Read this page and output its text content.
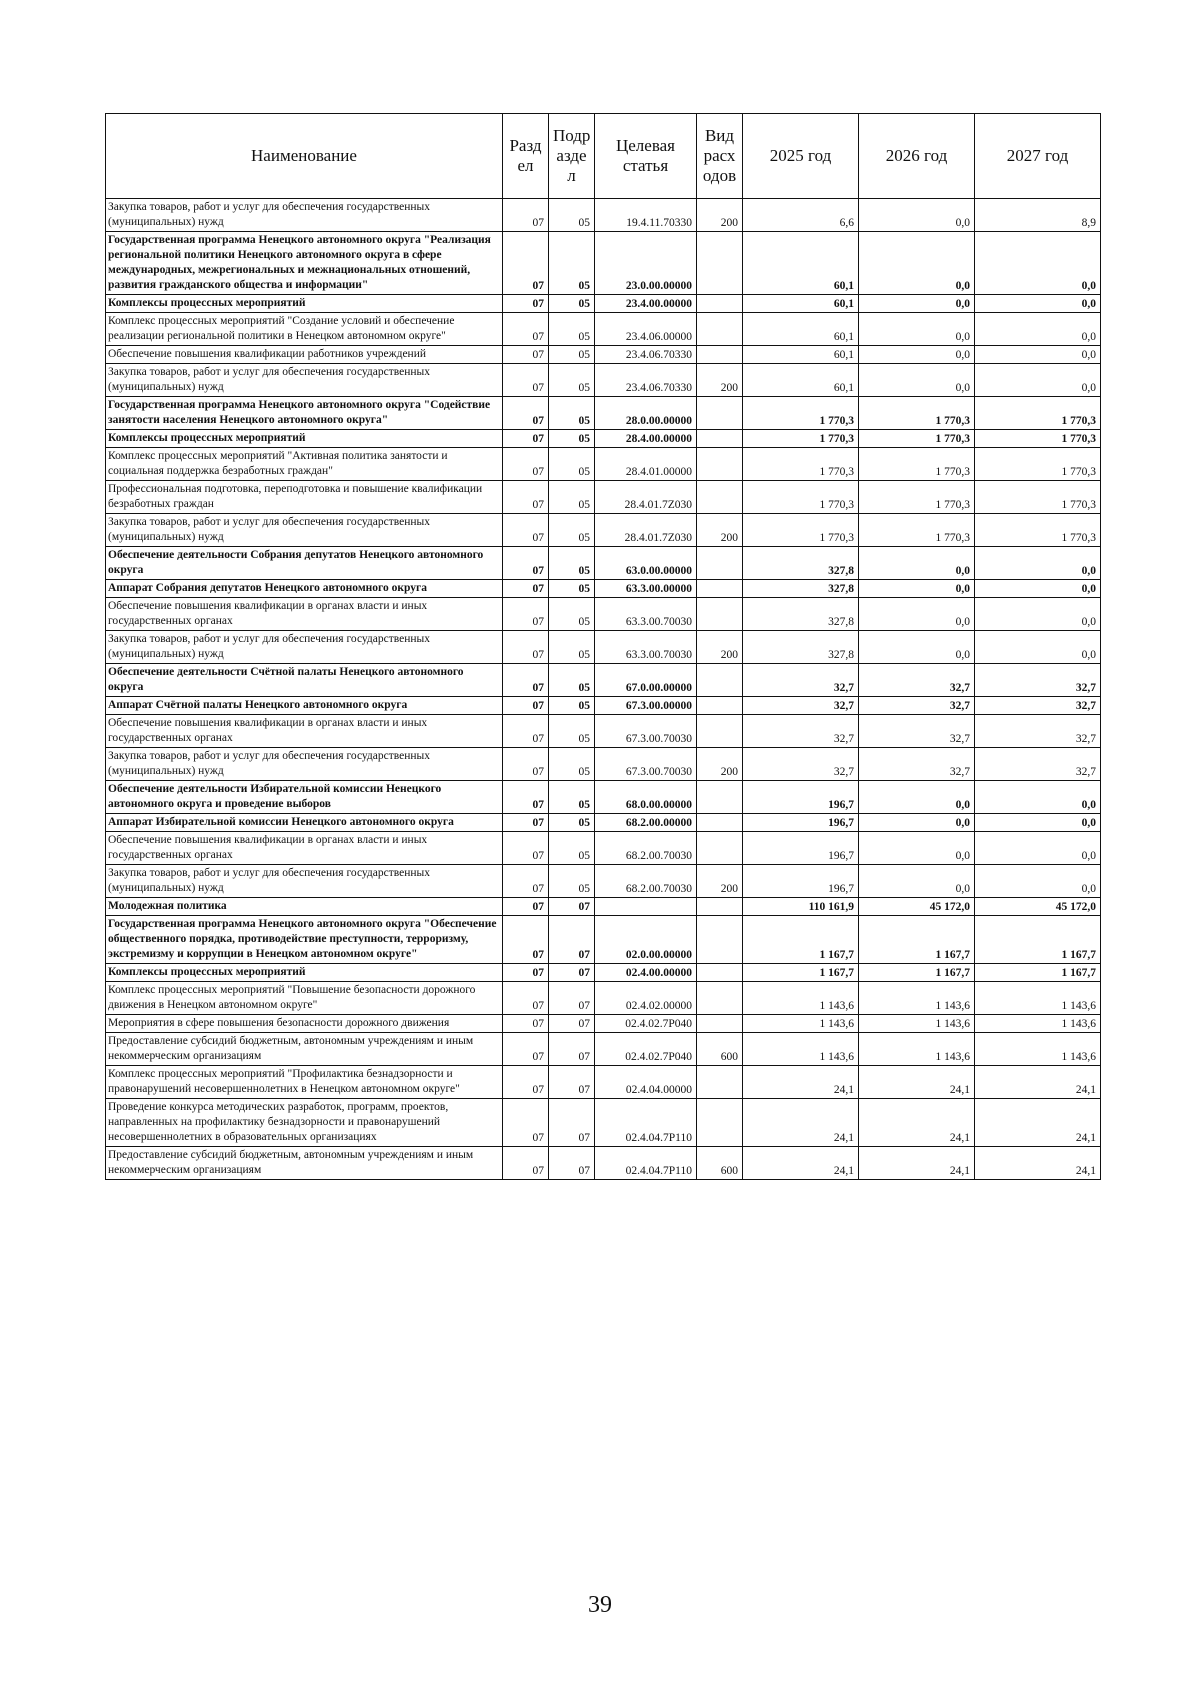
Наименование	Разд ел	Подр азде л	Целевая статья	Вид расх одов	2025 год	2026 год	2027 год
Закупка товаров, работ и услуг для обеспечения государственных (муниципальных) нужд	07	05	19.4.11.70330	200	6,6	0,0	8,9
Государственная программа Ненецкого автономного округа "Реализация региональной политики Ненецкого автономного округа в сфере международных, межрегиональных и межнациональных отношений, развития гражданского общества и информации"	07	05	23.0.00.00000		60,1	0,0	0,0
Комплексы процессных мероприятий	07	05	23.4.00.00000		60,1	0,0	0,0
Комплекс процессных мероприятий "Создание условий и обеспечение реализации региональной политики в Ненецком автономном округе"	07	05	23.4.06.00000		60,1	0,0	0,0
Обеспечение повышения квалификации работников учреждений	07	05	23.4.06.70330		60,1	0,0	0,0
Закупка товаров, работ и услуг для обеспечения государственных (муниципальных) нужд	07	05	23.4.06.70330	200	60,1	0,0	0,0
Государственная программа Ненецкого автономного округа "Содействие занятости населения Ненецкого автономного округа"	07	05	28.0.00.00000		1 770,3	1 770,3	1 770,3
Комплексы процессных мероприятий	07	05	28.4.00.00000		1 770,3	1 770,3	1 770,3
Комплекс процессных мероприятий "Активная политика занятости и социальная поддержка безработных граждан"	07	05	28.4.01.00000		1 770,3	1 770,3	1 770,3
Профессиональная подготовка, переподготовка и повышение квалификации безработных граждан	07	05	28.4.01.7Z030		1 770,3	1 770,3	1 770,3
Закупка товаров, работ и услуг для обеспечения государственных (муниципальных) нужд	07	05	28.4.01.7Z030	200	1 770,3	1 770,3	1 770,3
Обеспечение деятельности Собрания депутатов Ненецкого автономного округа	07	05	63.0.00.00000		327,8	0,0	0,0
Аппарат Собрания депутатов Ненецкого автономного округа	07	05	63.3.00.00000		327,8	0,0	0,0
Обеспечение повышения квалификации в органах власти и иных государственных органах	07	05	63.3.00.70030		327,8	0,0	0,0
Закупка товаров, работ и услуг для обеспечения государственных (муниципальных) нужд	07	05	63.3.00.70030	200	327,8	0,0	0,0
Обеспечение деятельности Счётной палаты Ненецкого автономного округа	07	05	67.0.00.00000		32,7	32,7	32,7
Аппарат Счётной палаты Ненецкого автономного округа	07	05	67.3.00.00000		32,7	32,7	32,7
Обеспечение повышения квалификации в органах власти и иных государственных органах	07	05	67.3.00.70030		32,7	32,7	32,7
Закупка товаров, работ и услуг для обеспечения государственных (муниципальных) нужд	07	05	67.3.00.70030	200	32,7	32,7	32,7
Обеспечение деятельности Избирательной комиссии Ненецкого автономного округа и проведение выборов	07	05	68.0.00.00000		196,7	0,0	0,0
Аппарат Избирательной комиссии Ненецкого автономного округа	07	05	68.2.00.00000		196,7	0,0	0,0
Обеспечение повышения квалификации в органах власти и иных государственных органах	07	05	68.2.00.70030		196,7	0,0	0,0
Закупка товаров, работ и услуг для обеспечения государственных (муниципальных) нужд	07	05	68.2.00.70030	200	196,7	0,0	0,0
Молодежная политика	07	07			110 161,9	45 172,0	45 172,0
Государственная программа Ненецкого автономного округа "Обеспечение общественного порядка, противодействие преступности, терроризму, экстремизму и коррупции в Ненецком автономном округе"	07	07	02.0.00.00000		1 167,7	1 167,7	1 167,7
Комплексы процессных мероприятий	07	07	02.4.00.00000		1 167,7	1 167,7	1 167,7
Комплекс процессных мероприятий "Повышение безопасности дорожного движения в Ненецком автономном округе"	07	07	02.4.02.00000		1 143,6	1 143,6	1 143,6
Мероприятия в сфере повышения безопасности дорожного движения	07	07	02.4.02.7P040		1 143,6	1 143,6	1 143,6
Предоставление субсидий бюджетным, автономным учреждениям и иным некоммерческим организациям	07	07	02.4.02.7P040	600	1 143,6	1 143,6	1 143,6
Комплекс процессных мероприятий "Профилактика безнадзорности и правонарушений несовершеннолетних в Ненецком автономном округе"	07	07	02.4.04.00000		24,1	24,1	24,1
Проведение конкурса методических разработок, программ, проектов, направленных на профилактику безнадзорности и правонарушений несовершеннолетних в образовательных организациях	07	07	02.4.04.7P110		24,1	24,1	24,1
Предоставление субсидий бюджетным, автономным учреждениям и иным некоммерческим организациям	07	07	02.4.04.7P110	600	24,1	24,1	24,1
39
